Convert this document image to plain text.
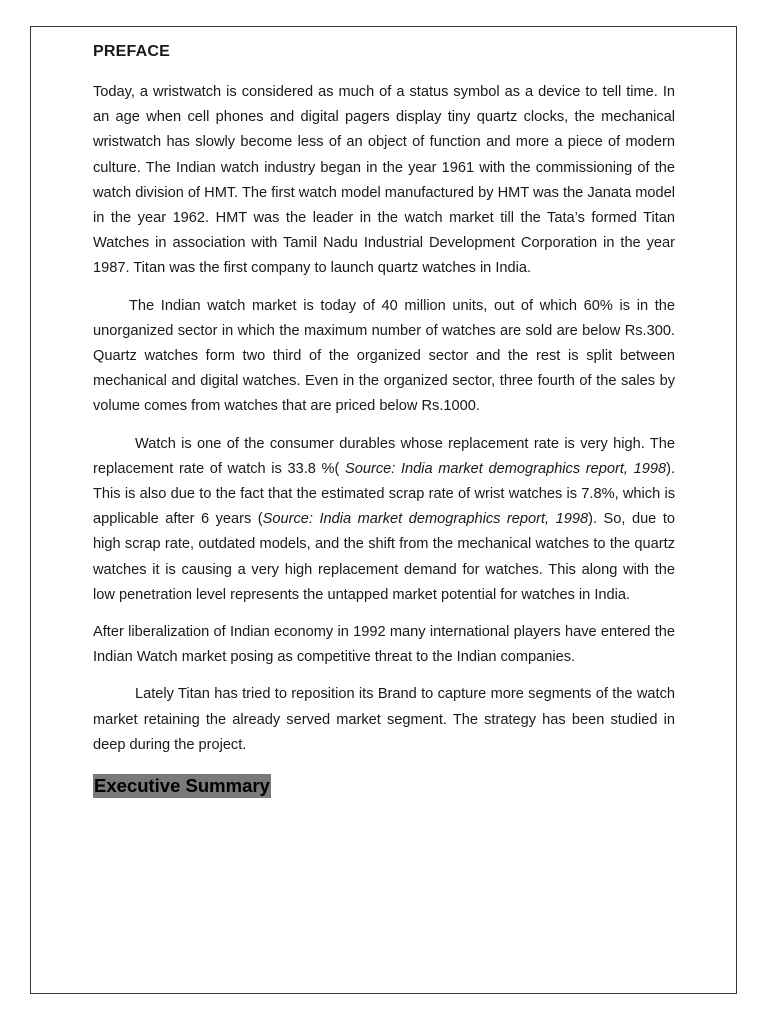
PREFACE

Today, a wristwatch is considered as much of a status symbol as a device to tell time. In an age when cell phones and digital pagers display tiny quartz clocks, the mechanical wristwatch has slowly become less of an object of function and more a piece of modern culture. The Indian watch industry began in the year 1961 with the commissioning of the watch division of HMT. The first watch model manufactured by HMT was the Janata model in the year 1962. HMT was the leader in the watch market till the Tata’s formed Titan Watches in association with Tamil Nadu Industrial Development Corporation in the year 1987. Titan was the first company to launch quartz watches in India.

The Indian watch market is today of 40 million units, out of which 60% is in the unorganized sector in which the maximum number of watches are sold are below Rs.300. Quartz watches form two third of the organized sector and the rest is split between mechanical and digital watches. Even in the organized sector, three fourth of the sales by volume comes from watches that are priced below Rs.1000.

Watch is one of the consumer durables whose replacement rate is very high. The replacement rate of watch is 33.8 %( Source: India market demographics report, 1998). This is also due to the fact that the estimated scrap rate of wrist watches is 7.8%, which is applicable after 6 years (Source: India market demographics report, 1998). So, due to high scrap rate, outdated models, and the shift from the mechanical watches to the quartz watches it is causing a very high replacement demand for watches. This along with the low penetration level represents the untapped market potential for watches in India.

After liberalization of Indian economy in 1992 many international players have entered the Indian Watch market posing as competitive threat to the Indian companies.

Lately Titan has tried to reposition its Brand to capture more segments of the watch market retaining the already served market segment. The strategy has been studied in deep during the project.

Executive Summary
